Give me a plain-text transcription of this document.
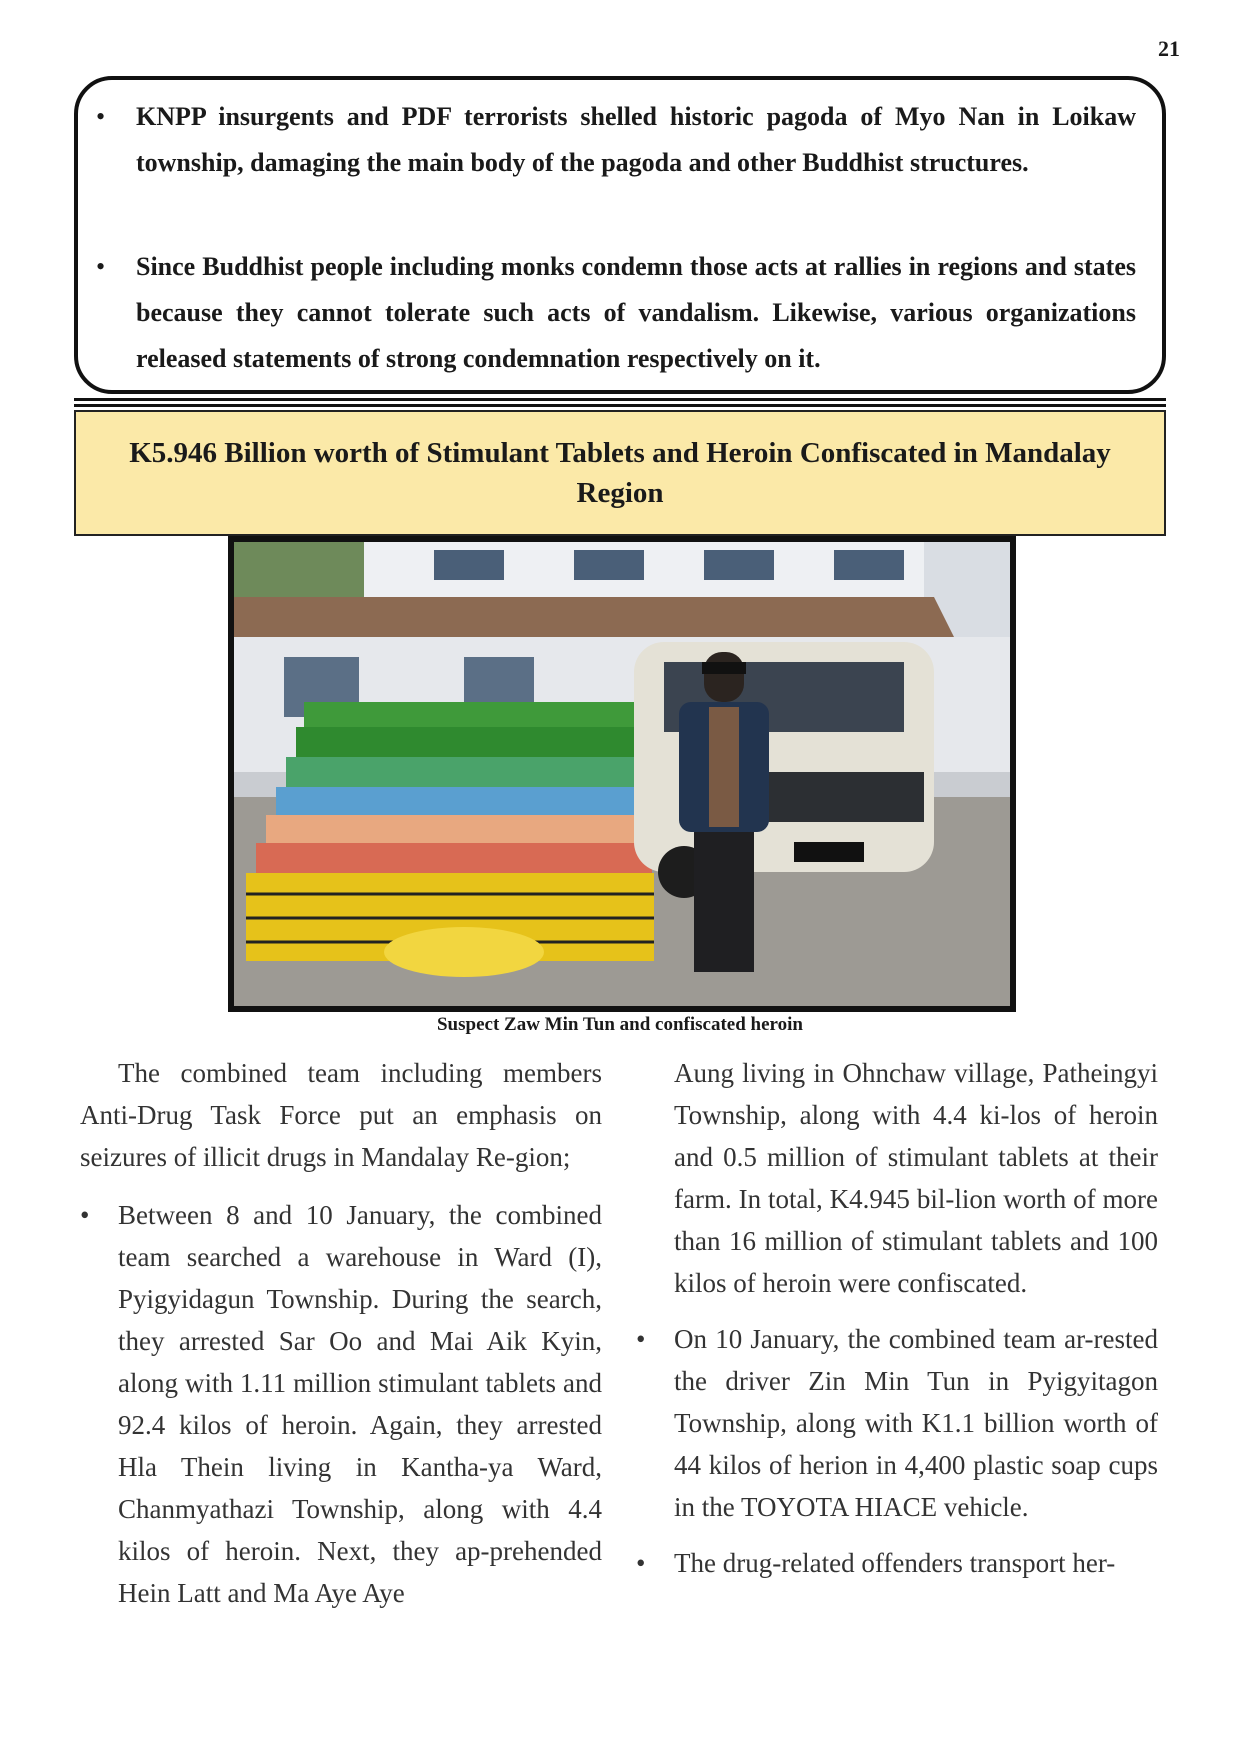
21
• KNPP insurgents and PDF terrorists shelled historic pagoda of Myo Nan in Loikaw township, damaging the main body of the pagoda and other Buddhist structures.
• Since Buddhist people including monks condemn those acts at rallies in regions and states because they cannot tolerate such acts of vandalism. Likewise, various organizations released statements of strong condemnation respectively on it.
K5.946 Billion worth of Stimulant Tablets and Heroin Confiscated in Mandalay Region
Suspect Zaw Min Tun and confiscated heroin

The combined team including members Anti-Drug Task Force put an emphasis on seizures of illicit drugs in Mandalay Re-gion;

• Between 8 and 10 January, the combined team searched a warehouse in Ward (I), Pyigyidagun Township. During the search, they arrested Sar Oo and Mai Aik Kyin, along with 1.11 million stimulant tablets and 92.4 kilos of heroin. Again, they arrested Hla Thein living in Kantha-ya Ward, Chanmyathazi Township, along with 4.4 kilos of heroin. Next, they ap-prehended Hein Latt and Ma Aye Aye

Aung living in Ohnchaw village, Patheingyi Township, along with 4.4 ki-los of heroin and 0.5 million of stimulant tablets at their farm. In total, K4.945 bil-lion worth of more than 16 million of stimulant tablets and 100 kilos of heroin were confiscated.

• On 10 January, the combined team ar-rested the driver Zin Min Tun in Pyigyitagon Township, along with K1.1 billion worth of 44 kilos of herion in 4,400 plastic soap cups in the TOYOTA HIACE vehicle.
• The drug-related offenders transport her-
